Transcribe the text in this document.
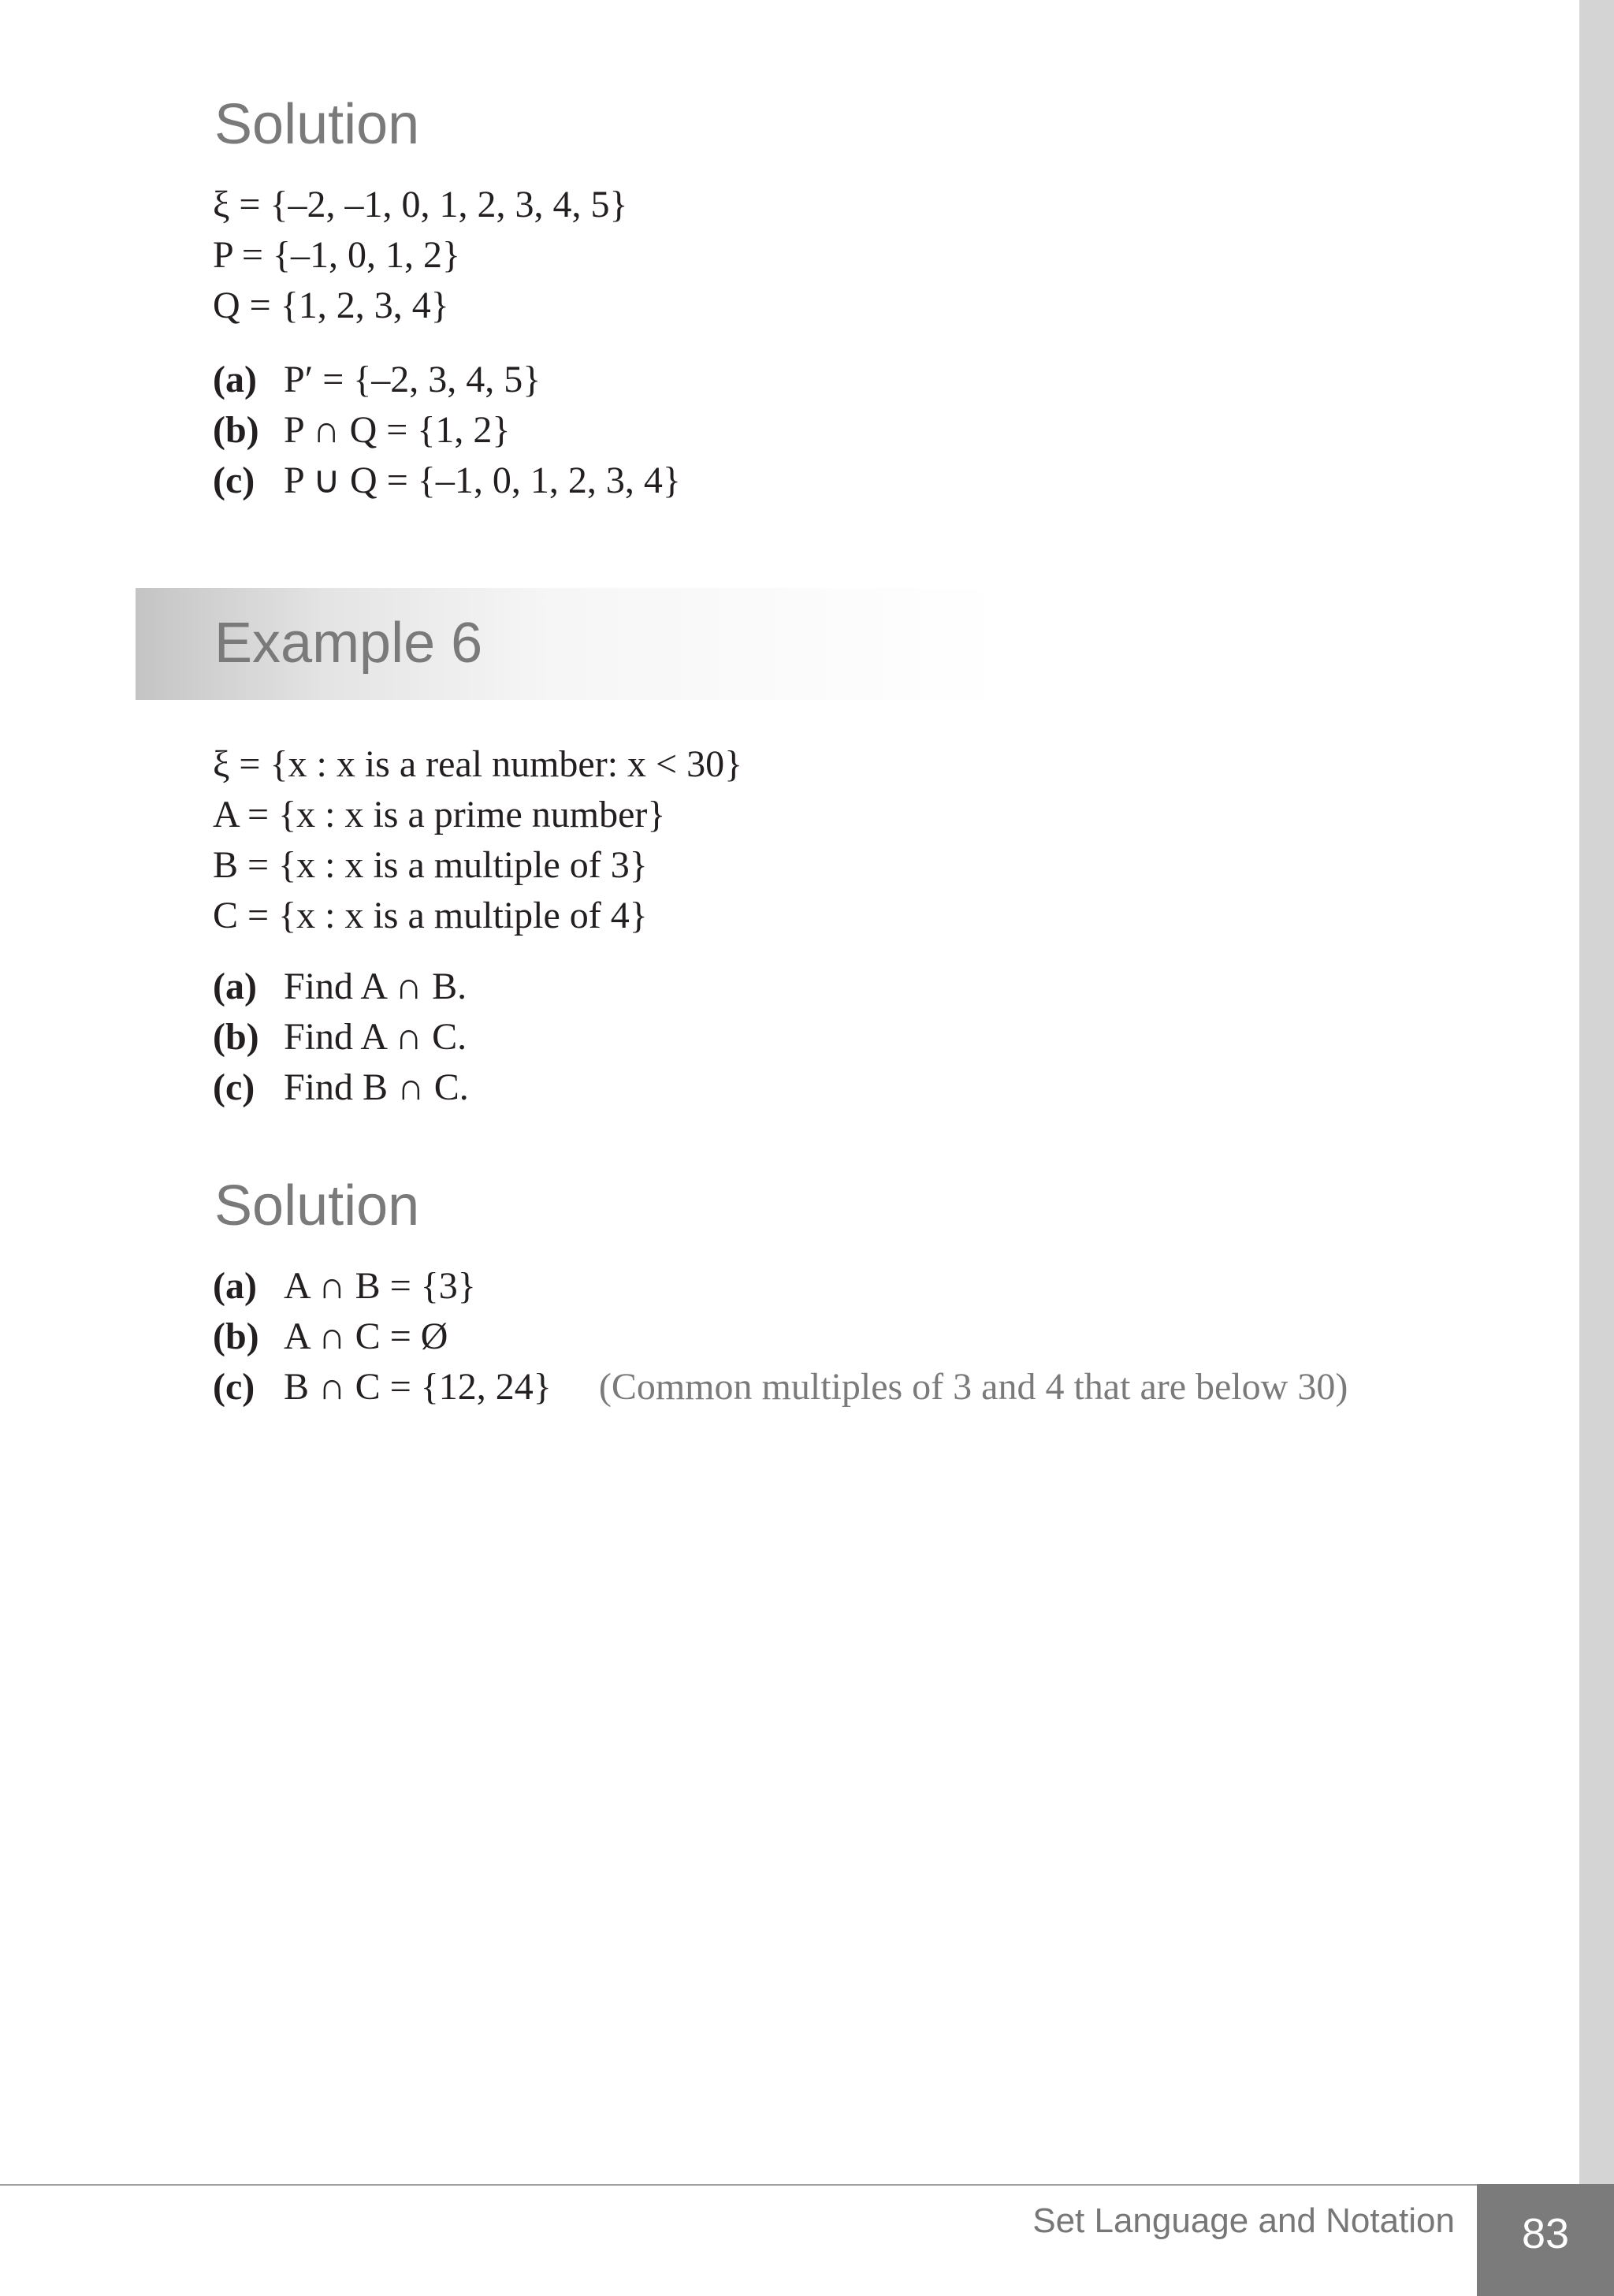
Solution
ξ = {–2, –1, 0, 1, 2, 3, 4, 5}
P = {–1, 0, 1, 2}
Q = {1, 2, 3, 4}
(a) P′ = {–2, 3, 4, 5}
(b) P ∩ Q = {1, 2}
(c) P ∪ Q = {–1, 0, 1, 2, 3, 4}
Example 6
ξ = {x : x is a real number: x < 30}
A = {x : x is a prime number}
B = {x : x is a multiple of 3}
C = {x : x is a multiple of 4}
(a) Find A ∩ B.
(b) Find A ∩ C.
(c) Find B ∩ C.
Solution
(a) A ∩ B = {3}
(b) A ∩ C = Ø
(c) B ∩ C = {12, 24} (Common multiples of 3 and 4 that are below 30)
Set Language and Notation	83
